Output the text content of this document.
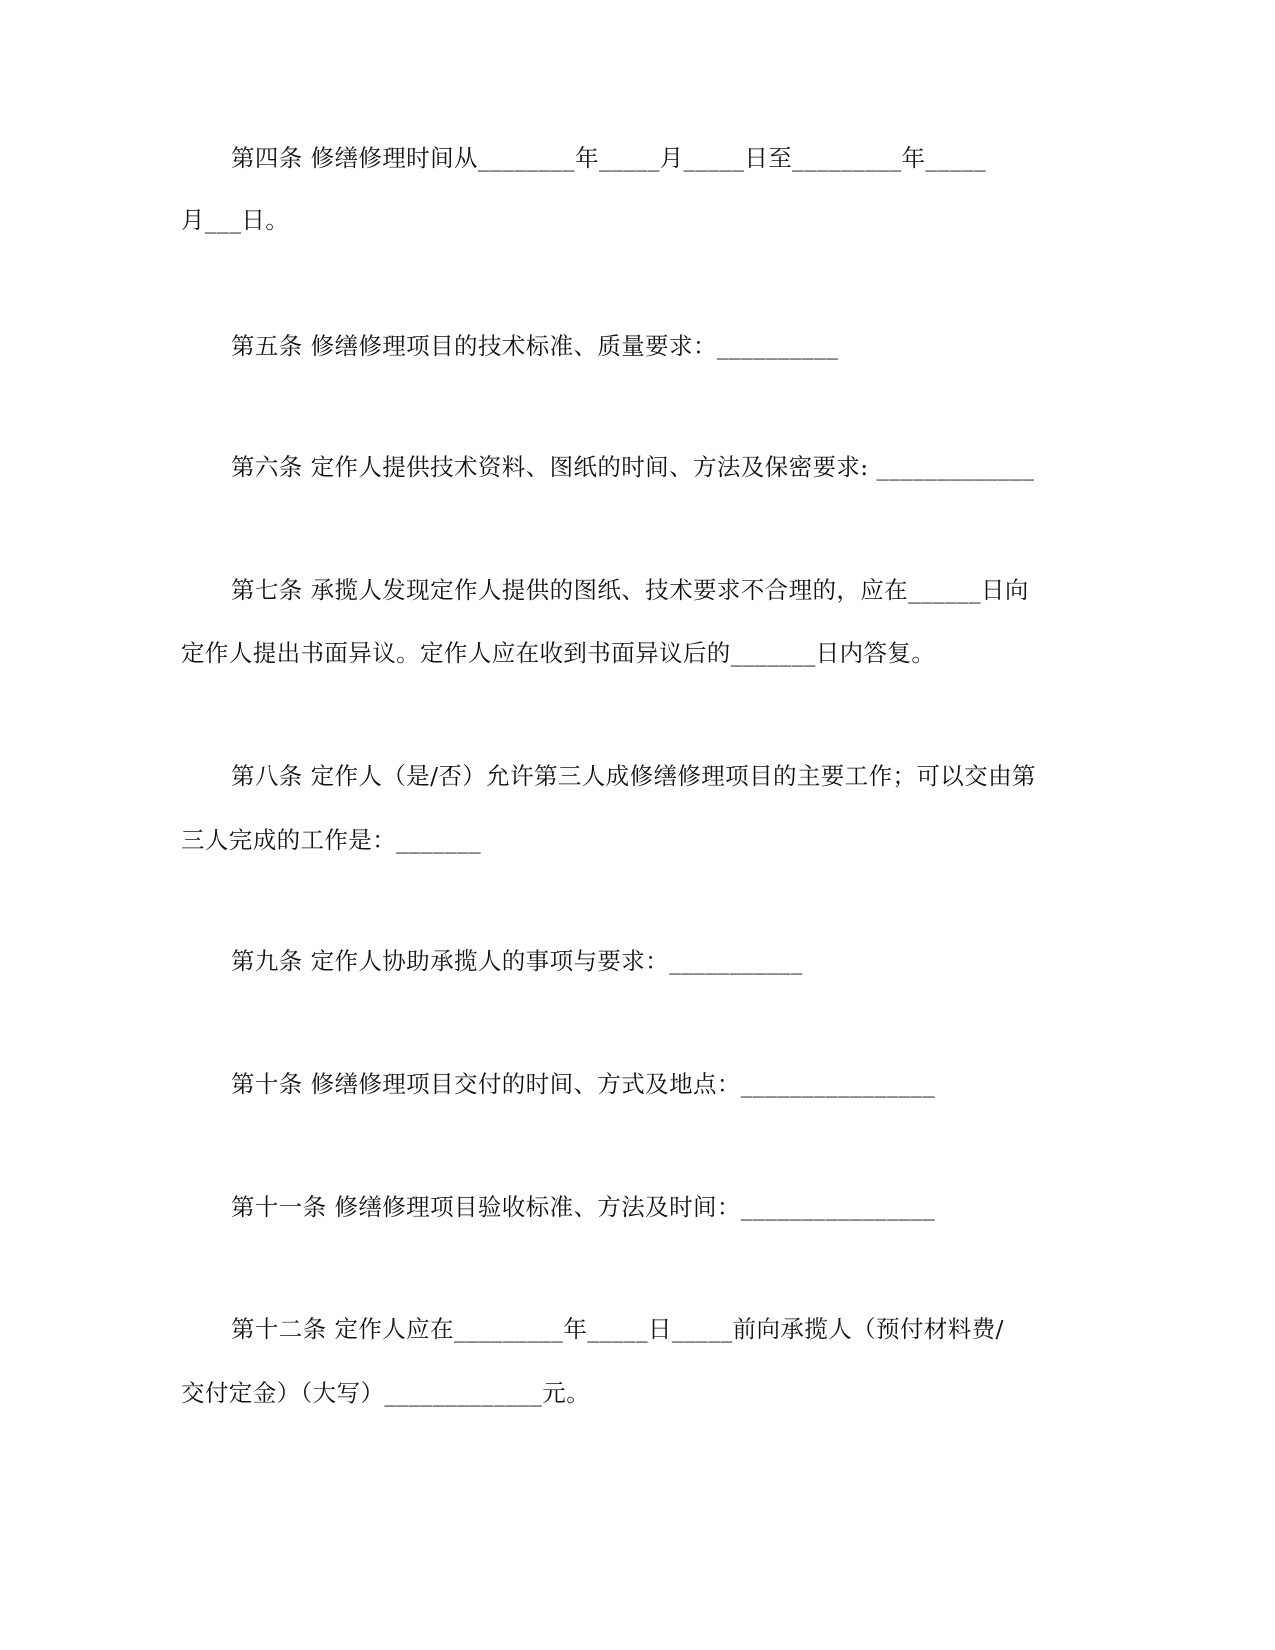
第四条 修缮修理时间从________年_____月_____日至_________年_____
月___日。
第五条 修缮修理项目的技术标准、质量要求：__________
第六条 定作人提供技术资料、图纸的时间、方法及保密要求: _____________
第七条 承揽人发现定作人提供的图纸、技术要求不合理的，应在______日向
定作人提出书面异议。定作人应在收到书面异议后的_______日内答复。
第八条 定作人（是/否）允许第三人成修缮修理项目的主要工作；可以交由第
三人完成的工作是：_______
第九条 定作人协助承揽人的事项与要求：___________
第十条 修缮修理项目交付的时间、方式及地点：________________
第十一条 修缮修理项目验收标准、方法及时间：________________
第十二条 定作人应在_________年_____日_____前向承揽人（预付材料费/
交付定金）（大写）_____________元。
